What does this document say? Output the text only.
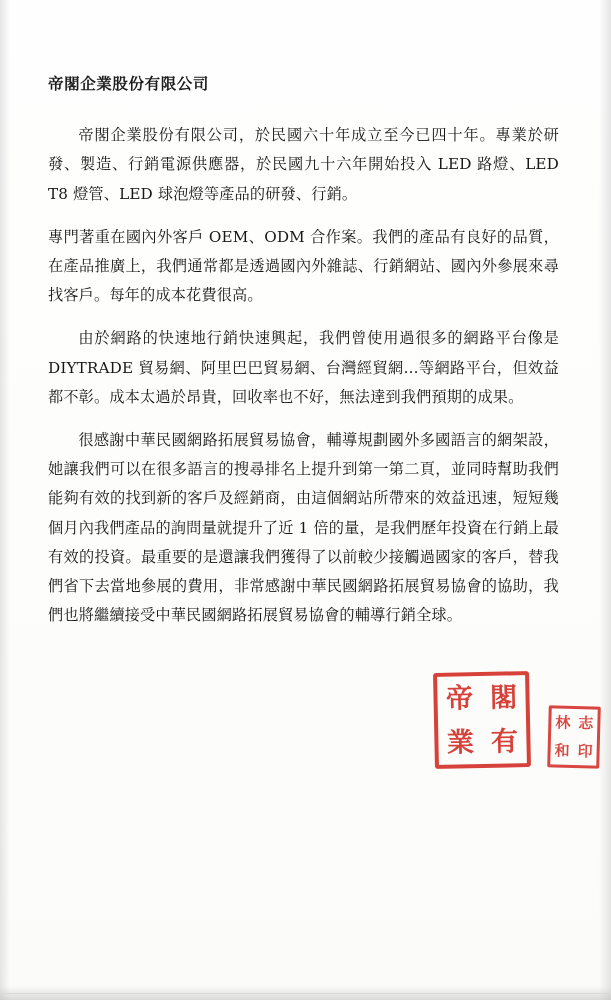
帝閣企業股份有限公司

帝閣企業股份有限公司，於民國六十年成立至今已四十年。專業於研發、製造、行銷電源供應器，於民國九十六年開始投入 LED 路燈、LED T8 燈管、LED 球泡燈等產品的研發、行銷。

專門著重在國內外客戶 OEM、ODM 合作案。我們的產品有良好的品質，在產品推廣上，我們通常都是透過國內外雜誌、行銷網站、國內外參展來尋找客戶。每年的成本花費很高。

由於網路的快速地行銷快速興起，我們曾使用過很多的網路平台像是 DIYTRADE 貿易網、阿里巴巴貿易網、台灣經貿網...等網路平台，但效益都不彰。成本太過於昂貴，回收率也不好，無法達到我們預期的成果。

很感謝中華民國網路拓展貿易協會，輔導規劃國外多國語言的網架設，她讓我們可以在很多語言的搜尋排名上提升到第一第二頁，並同時幫助我們能夠有效的找到新的客戶及經銷商，由這個網站所帶來的效益迅速，短短幾個月內我們產品的詢問量就提升了近 1 倍的量，是我們歷年投資在行銷上最有效的投資。最重要的是還讓我們獲得了以前較少接觸過國家的客戶，替我們省下去當地參展的費用，非常感謝中華民國網路拓展貿易協會的協助，我們也將繼續接受中華民國網路拓展貿易協會的輔導行銷全球。

帝 閣
業 有
林 志
和 印
